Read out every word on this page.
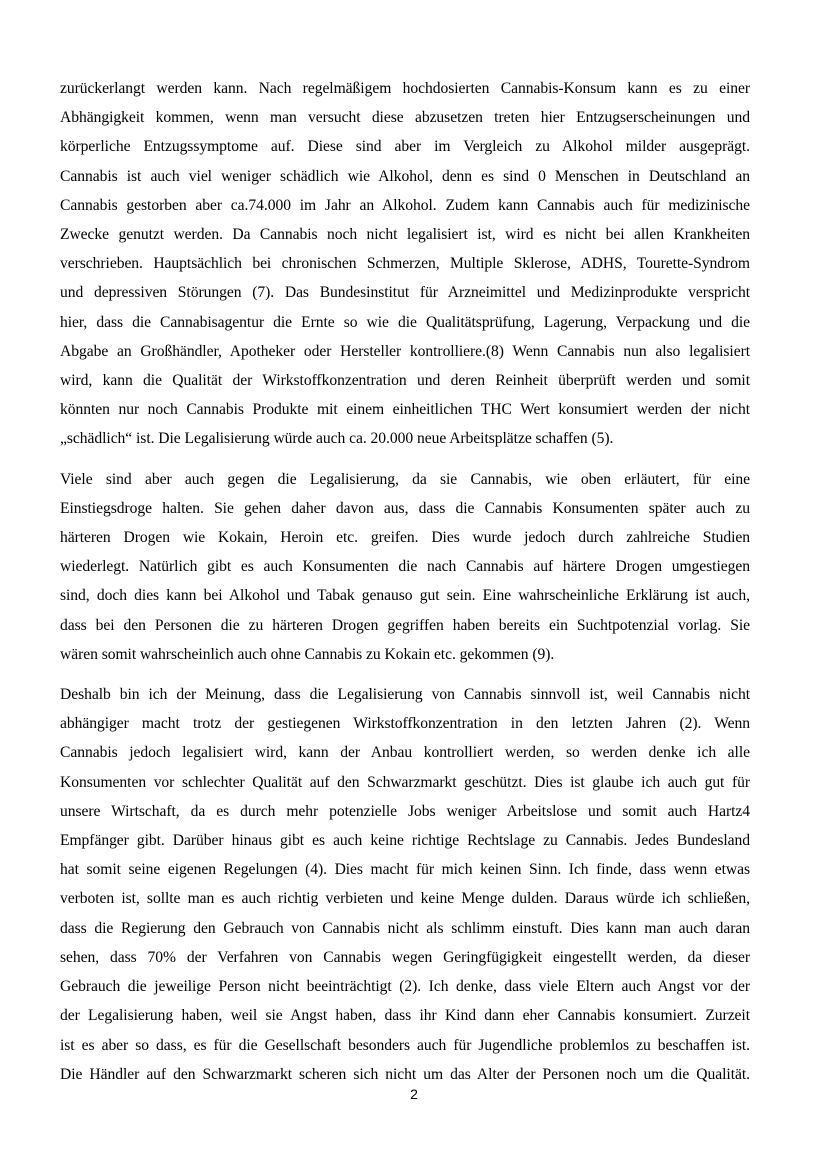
zurückerlangt werden kann. Nach regelmäßigem hochdosierten Cannabis-Konsum kann es zu einer
Abhängigkeit kommen, wenn man versucht diese abzusetzen treten hier Entzugserscheinungen und
körperliche Entzugssymptome auf. Diese sind aber im Vergleich zu Alkohol milder ausgeprägt.
Cannabis ist auch viel weniger schädlich wie Alkohol, denn es sind 0 Menschen in Deutschland an
Cannabis gestorben aber ca.74.000 im Jahr an Alkohol. Zudem kann Cannabis auch für medizinische
Zwecke genutzt werden. Da Cannabis noch nicht legalisiert ist, wird es nicht bei allen Krankheiten
verschrieben. Hauptsächlich bei chronischen Schmerzen, Multiple Sklerose, ADHS, Tourette-Syndrom
und depressiven Störungen (7). Das Bundesinstitut für Arzneimittel und Medizinprodukte verspricht
hier, dass die Cannabisagentur die Ernte so wie die Qualitätsprüfung, Lagerung, Verpackung und die
Abgabe an Großhändler, Apotheker oder Hersteller kontrolliere.(8) Wenn Cannabis nun also legalisiert
wird, kann die Qualität der Wirkstoffkonzentration und deren Reinheit überprüft werden und somit
könnten nur noch Cannabis Produkte mit einem einheitlichen THC Wert konsumiert werden der nicht
„schädlich“ ist. Die Legalisierung würde auch ca. 20.000 neue Arbeitsplätze schaffen (5).

Viele sind aber auch gegen die Legalisierung, da sie Cannabis, wie oben erläutert, für eine
Einstiegsdroge halten. Sie gehen daher davon aus, dass die Cannabis Konsumenten später auch zu
härteren Drogen wie Kokain, Heroin etc. greifen. Dies wurde jedoch durch zahlreiche Studien
wiederlegt. Natürlich gibt es auch Konsumenten die nach Cannabis auf härtere Drogen umgestiegen
sind, doch dies kann bei Alkohol und Tabak genauso gut sein. Eine wahrscheinliche Erklärung ist auch,
dass bei den Personen die zu härteren Drogen gegriffen haben bereits ein Suchtpotenzial vorlag. Sie
wären somit wahrscheinlich auch ohne Cannabis zu Kokain etc. gekommen (9).

Deshalb bin ich der Meinung, dass die Legalisierung von Cannabis sinnvoll ist, weil Cannabis nicht
abhängiger macht trotz der gestiegenen Wirkstoffkonzentration in den letzten Jahren (2). Wenn
Cannabis jedoch legalisiert wird, kann der Anbau kontrolliert werden, so werden denke ich alle
Konsumenten vor schlechter Qualität auf den Schwarzmarkt geschützt. Dies ist glaube ich auch gut für
unsere Wirtschaft, da es durch mehr potenzielle Jobs weniger Arbeitslose und somit auch Hartz4
Empfänger gibt. Darüber hinaus gibt es auch keine richtige Rechtslage zu Cannabis. Jedes Bundesland
hat somit seine eigenen Regelungen (4). Dies macht für mich keinen Sinn. Ich finde, dass wenn etwas
verboten ist, sollte man es auch richtig verbieten und keine Menge dulden. Daraus würde ich schließen,
dass die Regierung den Gebrauch von Cannabis nicht als schlimm einstuft. Dies kann man auch daran
sehen, dass 70% der Verfahren von Cannabis wegen Geringfügigkeit eingestellt werden, da dieser
Gebrauch die jeweilige Person nicht beeinträchtigt (2). Ich denke, dass viele Eltern auch Angst vor der
der Legalisierung haben, weil sie Angst haben, dass ihr Kind dann eher Cannabis konsumiert. Zurzeit
ist es aber so dass, es für die Gesellschaft besonders auch für Jugendliche problemlos zu beschaffen ist.
Die Händler auf den Schwarzmarkt scheren sich nicht um das Alter der Personen noch um die Qualität.

2
